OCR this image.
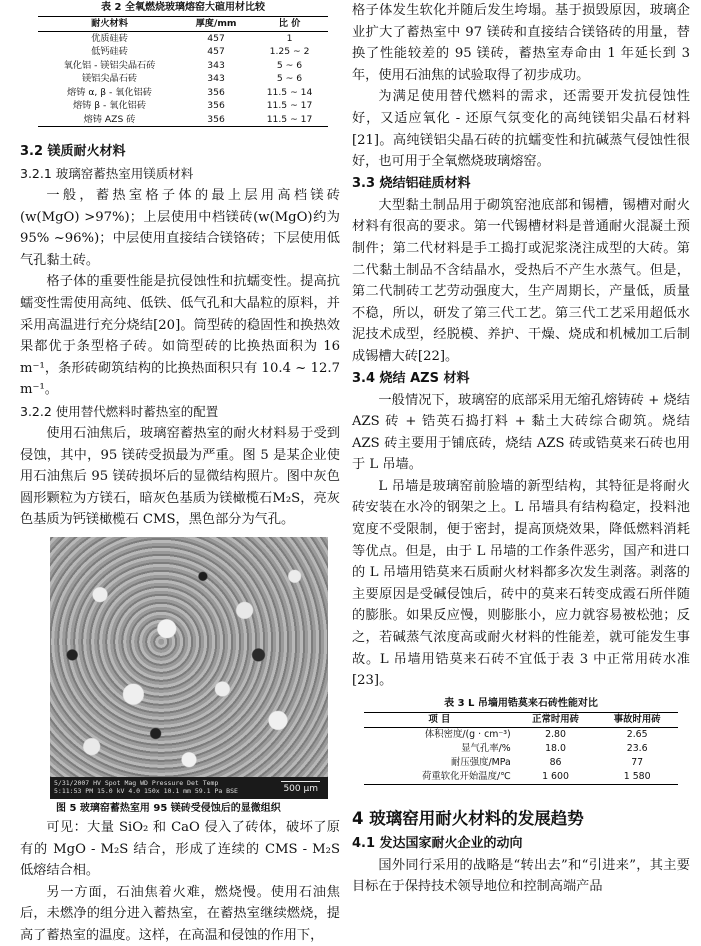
表 2 全氧燃烧玻璃熔窑大碹用材比较

耐火材料	厚度/mm	比 价
优质硅砖	457	1
低钙硅砖	457	1.25 ~ 2
氧化铝 - 镁铝尖晶石砖	343	5 ~ 6
镁铝尖晶石砖	343	5 ~ 6
熔铸 α, β - 氧化铝砖	356	11.5 ~ 14
熔铸 β - 氧化铝砖	356	11.5 ~ 17
熔铸 AZS 砖	356	11.5 ~ 17

3.2 镁质耐火材料

3.2.1 玻璃窑蓄热室用镁质材料

一般，蓄热室格子体的最上层用高档镁砖(w(MgO) >97%)；上层使用中档镁砖(w(MgO)约为95% ~96%)；中层使用直接结合镁铬砖；下层使用低气孔黏土砖。

格子体的重要性能是抗侵蚀性和抗蠕变性。提高抗蠕变性需使用高纯、低铁、低气孔和大晶粒的原料，并采用高温进行充分烧结[20]。筒型砖的稳固性和换热效果都优于条型格子砖。如筒型砖的比换热面积为 16 m⁻¹，条形砖砌筑结构的比换热面积只有 10.4 ~ 12.7 m⁻¹。

3.2.2 使用替代燃料时蓄热室的配置

使用石油焦后，玻璃窑蓄热室的耐火材料易于受到侵蚀，其中，95 镁砖受损最为严重。图 5 是某企业使用石油焦后 95 镁砖损坏后的显微结构照片。图中灰色圆形颗粒为方镁石，暗灰色基质为镁橄榄石M₂S，亮灰色基质为钙镁橄榄石 CMS，黑色部分为气孔。

5/31/2007 HV Spot Mag WD Pressure Det Temp
5:11:53 PM 15.0 kV 4.0 150x 10.1 mm 59.1 Pa BSE	500 μm

图 5 玻璃窑蓄热室用 95 镁砖受侵蚀后的显微组织

可见：大量 SiO₂ 和 CaO 侵入了砖体，破坏了原有的 MgO - M₂S 结合，形成了连续的 CMS - M₂S 低熔结合相。

另一方面，石油焦着火难，燃烧慢。使用石油焦后，未燃净的组分进入蓄热室，在蓄热室继续燃烧，提高了蓄热室的温度。这样，在高温和侵蚀的作用下，

格子体发生软化并随后发生垮塌。基于损毁原因，玻璃企业扩大了蓄热室中 97 镁砖和直接结合镁铬砖的用量，替换了性能较差的 95 镁砖，蓄热室寿命由 1 年延长到 3 年，使用石油焦的试验取得了初步成功。

为满足使用替代燃料的需求，还需要开发抗侵蚀性好，又适应氧化 - 还原气氛变化的高纯镁铝尖晶石材料[21]。高纯镁铝尖晶石砖的抗蠕变性和抗碱蒸气侵蚀性很好，也可用于全氧燃烧玻璃熔窑。

3.3 烧结铝硅质材料

大型黏土制品用于砌筑窑池底部和锡槽，锡槽对耐火材料有很高的要求。第一代锡槽材料是普通耐火混凝土预制件；第二代材料是手工捣打或泥浆浇注成型的大砖。第二代黏土制品不含结晶水，受热后不产生水蒸气。但是，第二代制砖工艺劳动强度大，生产周期长，产量低，质量不稳，所以，研发了第三代工艺。第三代工艺采用超低水泥技术成型，经脱模、养护、干燥、烧成和机械加工后制成锡槽大砖[22]。

3.4 烧结 AZS 材料

一般情况下，玻璃窑的底部采用无缩孔熔铸砖 + 烧结 AZS 砖 + 锆英石捣打料 + 黏土大砖综合砌筑。烧结 AZS 砖主要用于铺底砖，烧结 AZS 砖或锆莫来石砖也用于 L 吊墙。

L 吊墙是玻璃窑前脸墙的新型结构，其特征是将耐火砖安装在水冷的钢架之上。L 吊墙具有结构稳定，投料池宽度不受限制，便于密封，提高顶烧效果，降低燃料消耗等优点。但是，由于 L 吊墙的工作条件恶劣，国产和进口的 L 吊墙用锆莫来石质耐火材料都多次发生剥落。剥落的主要原因是受碱侵蚀后，砖中的莫来石转变成霞石所伴随的膨胀。如果反应慢，则膨胀小，应力就容易被松弛；反之，若碱蒸气浓度高或耐火材料的性能差，就可能发生事故。L 吊墙用锆莫来石砖不宜低于表 3 中正常用砖水准[23]。

表 3 L 吊墙用锆莫来石砖性能对比

项 目	正常时用砖	事故时用砖
体积密度/(g · cm⁻³)	2.80	2.65
显气孔率/%	18.0	23.6
耐压强度/MPa	86	77
荷重软化开始温度/℃	1 600	1 580

4 玻璃窑用耐火材料的发展趋势

4.1 发达国家耐火企业的动向

国外同行采用的战略是“转出去”和“引进来”，其主要目标在于保持技术领导地位和控制高端产品
